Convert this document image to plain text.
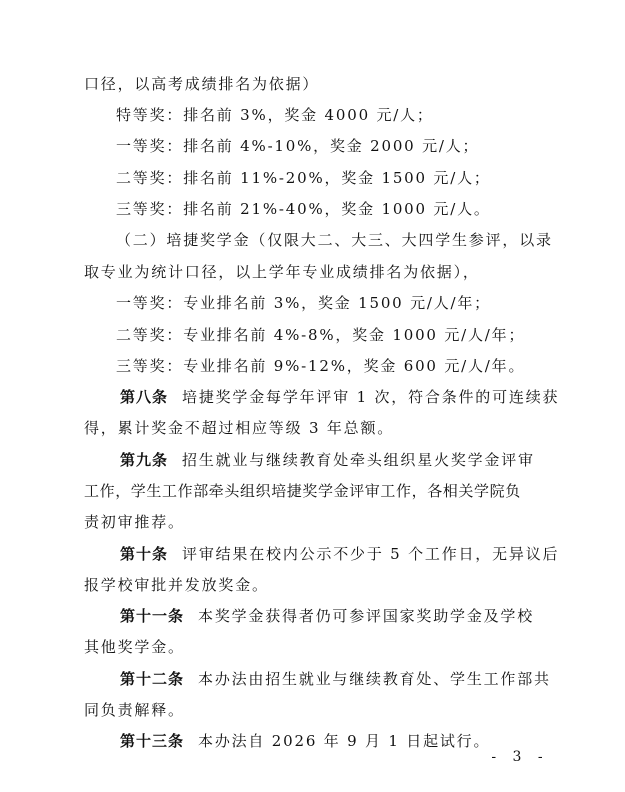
口径，以高考成绩排名为依据）
特等奖：排名前 3%，奖金 4000 元/人；
一等奖：排名前 4%-10%，奖金 2000 元/人；
二等奖：排名前 11%-20%，奖金 1500 元/人；
三等奖：排名前 21%-40%，奖金 1000 元/人。
（二）培捷奖学金（仅限大二、大三、大四学生参评，以录
取专业为统计口径，以上学年专业成绩排名为依据），
一等奖：专业排名前 3%，奖金 1500 元/人/年；
二等奖：专业排名前 4%-8%，奖金 1000 元/人/年；
三等奖：专业排名前 9%-12%，奖金 600 元/人/年。
第八条 培捷奖学金每学年评审 1 次，符合条件的可连续获
得，累计奖金不超过相应等级 3 年总额。
第九条 招生就业与继续教育处牵头组织星火奖学金评审
工作，学生工作部牵头组织培捷奖学金评审工作，各相关学院负
责初审推荐。
第十条 评审结果在校内公示不少于 5 个工作日，无异议后
报学校审批并发放奖金。
第十一条 本奖学金获得者仍可参评国家奖助学金及学校
其他奖学金。
第十二条 本办法由招生就业与继续教育处、学生工作部共
同负责解释。
第十三条 本办法自 2026 年 9 月 1 日起试行。
- 3 -
